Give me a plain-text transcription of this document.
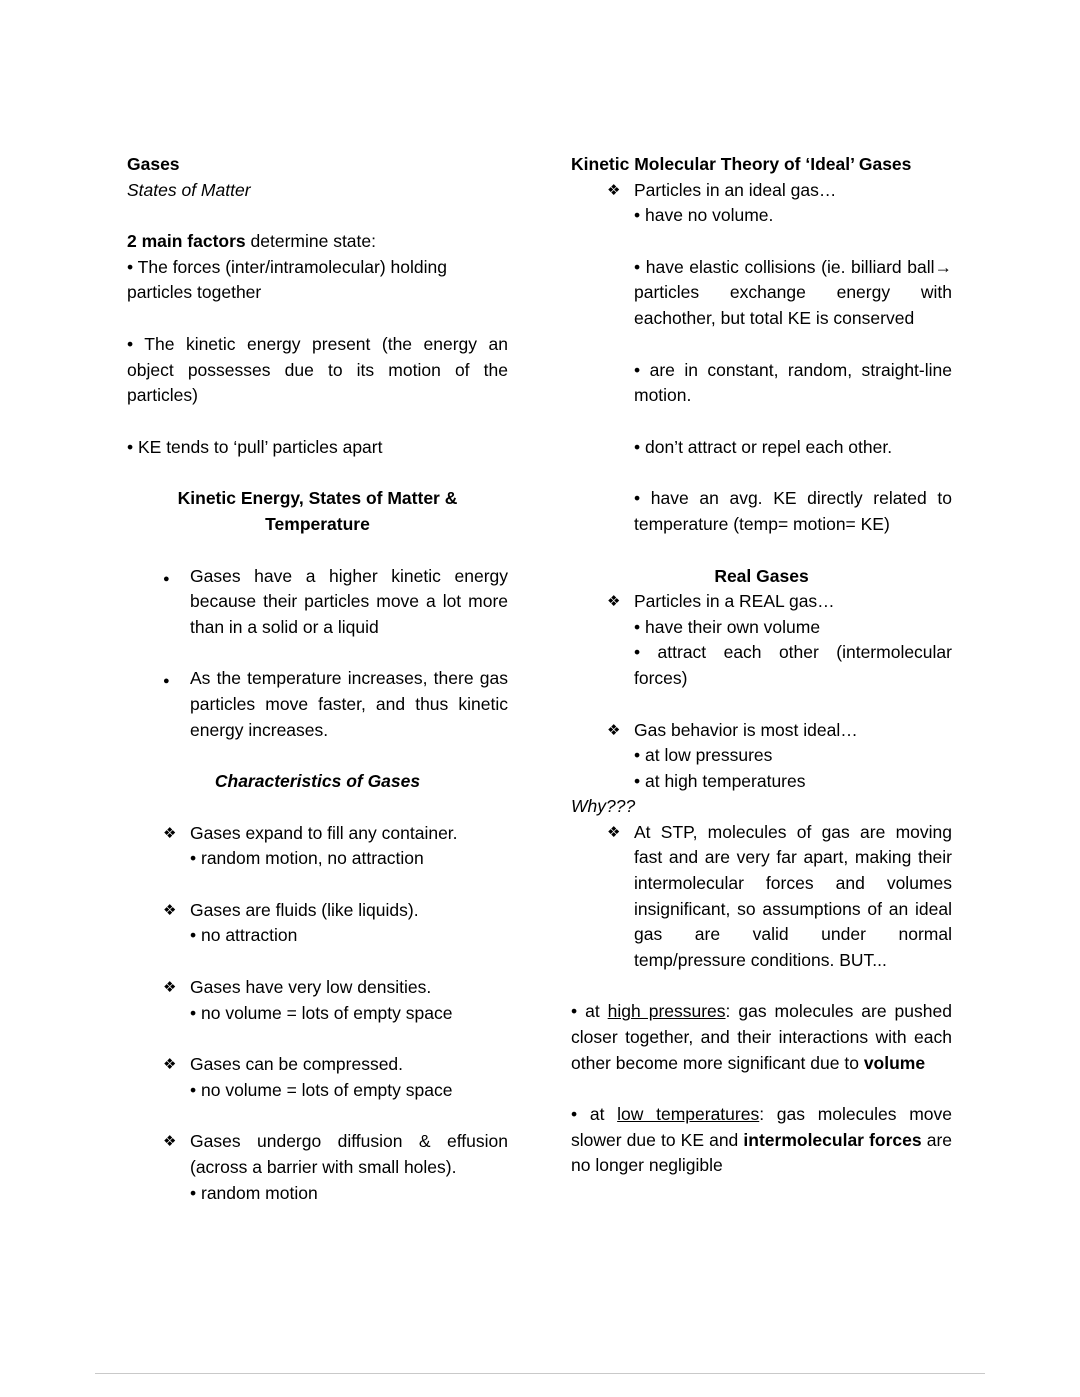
Gases

States of Matter

2 main factors determine state:

• The forces (inter/intramolecular) holding particles together

• The kinetic energy present (the energy an object possesses due to its motion of the particles)

• KE tends to ‘pull’ particles apart

Kinetic Energy, States of Matter & Temperature

●	Gases have a higher kinetic energy because their particles move a lot more than in a solid or a liquid
●	As the temperature increases, there gas particles move faster, and thus kinetic energy increases.

Characteristics of Gases

❖ Gases expand to fill any container.
• random motion, no attraction
❖ Gases are fluids (like liquids).
• no attraction
❖ Gases have very low densities.
• no volume = lots of empty space
❖ Gases can be compressed.
• no volume = lots of empty space
❖ Gases undergo diffusion & effusion (across a barrier with small holes).
• random motion

Kinetic Molecular Theory of ‘Ideal’ Gases

❖ Particles in an ideal gas…
• have no volume.
• have elastic collisions (ie. billiard ball→ particles exchange energy with eachother, but total KE is conserved
• are in constant, random, straight-line motion.
• don’t attract or repel each other.
• have an avg. KE directly related to temperature (temp= motion= KE)

Real Gases

❖ Particles in a REAL gas…
• have their own volume
• attract each other (intermolecular forces)
❖ Gas behavior is most ideal…
• at low pressures
• at high temperatures

Why???

❖ At STP, molecules of gas are moving fast and are very far apart, making their intermolecular forces and volumes insignificant, so assumptions of an ideal gas are valid under normal temp/pressure conditions. BUT...

• at high pressures: gas molecules are pushed closer together, and their interactions with each other become more significant due to volume

• at low temperatures: gas molecules move slower due to KE and intermolecular forces are no longer negligible
